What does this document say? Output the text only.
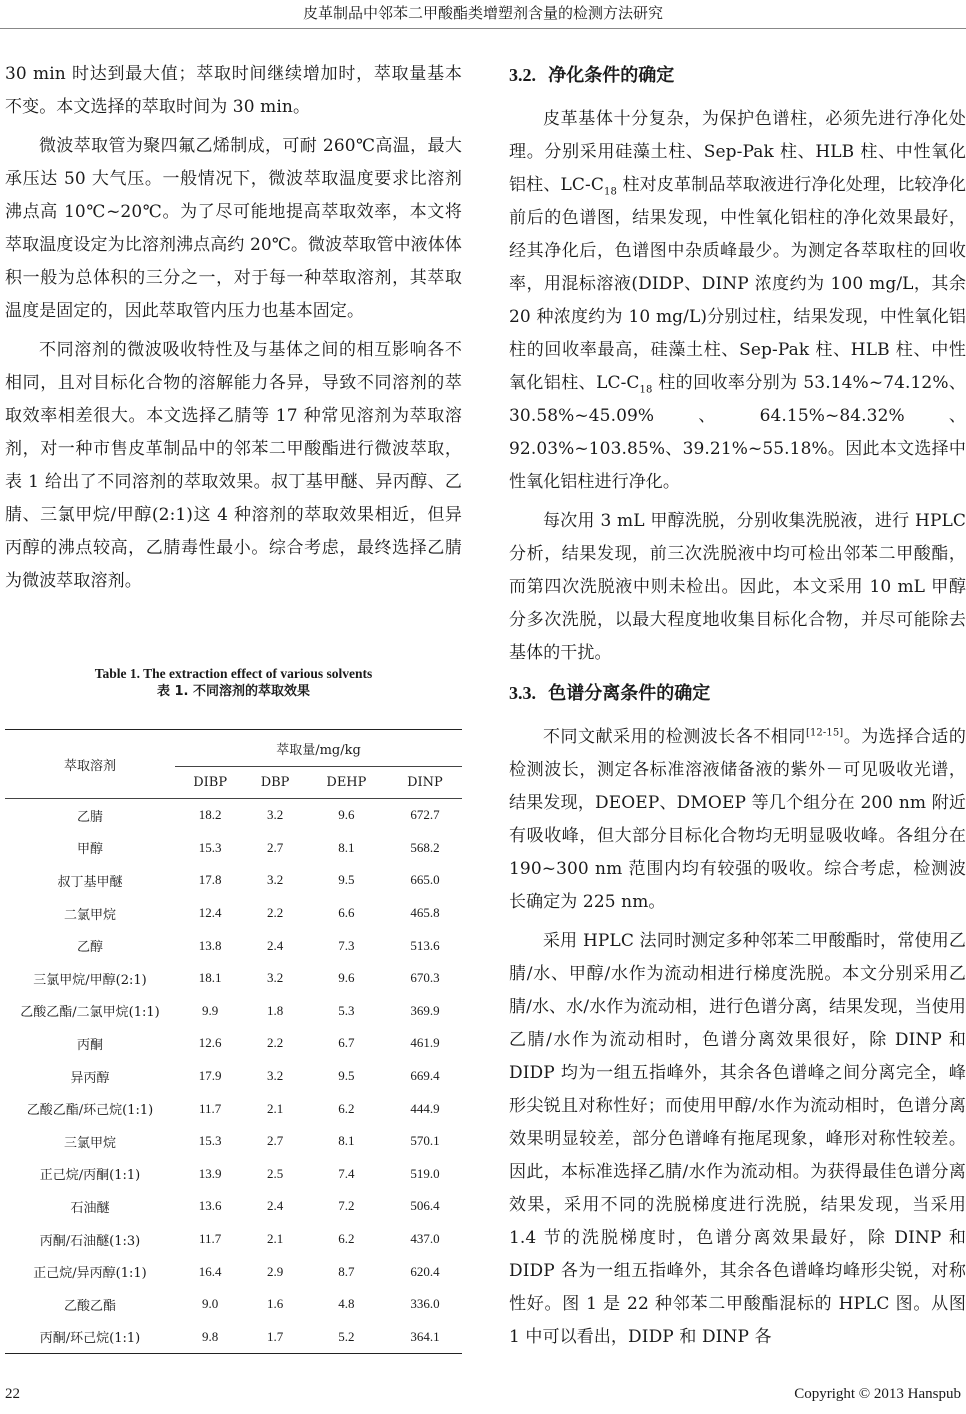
皮革制品中邻苯二甲酸酯类增塑剂含量的检测方法研究

30 min 时达到最大值；萃取时间继续增加时，萃取量基本不变。本文选择的萃取时间为 30 min。

微波萃取管为聚四氟乙烯制成，可耐 260℃高温，最大承压达 50 大气压。一般情况下，微波萃取温度要求比溶剂沸点高 10℃~20℃。为了尽可能地提高萃取效率，本文将萃取温度设定为比溶剂沸点高约 20℃。微波萃取管中液体体积一般为总体积的三分之一，对于每一种萃取溶剂，其萃取温度是固定的，因此萃取管内压力也基本固定。

不同溶剂的微波吸收特性及与基体之间的相互影响各不相同，且对目标化合物的溶解能力各异，导致不同溶剂的萃取效率相差很大。本文选择乙腈等 17 种常见溶剂为萃取溶剂，对一种市售皮革制品中的邻苯二甲酸酯进行微波萃取，表 1 给出了不同溶剂的萃取效果。叔丁基甲醚、异丙醇、乙腈、三氯甲烷/甲醇(2:1)这 4 种溶剂的萃取效果相近，但异丙醇的沸点较高，乙腈毒性最小。综合考虑，最终选择乙腈为微波萃取溶剂。

Table 1. The extraction effect of various solvents
表 1. 不同溶剂的萃取效果
萃取溶剂	萃取量/mg/kg			
	DIBP	DBP	DEHP	DINP
乙腈	18.2	3.2	9.6	672.7
甲醇	15.3	2.7	8.1	568.2
叔丁基甲醚	17.8	3.2	9.5	665.0
二氯甲烷	12.4	2.2	6.6	465.8
乙醇	13.8	2.4	7.3	513.6
三氯甲烷/甲醇(2:1)	18.1	3.2	9.6	670.3
乙酸乙酯/二氯甲烷(1:1)	9.9	1.8	5.3	369.9
丙酮	12.6	2.2	6.7	461.9
异丙醇	17.9	3.2	9.5	669.4
乙酸乙酯/环己烷(1:1)	11.7	2.1	6.2	444.9
三氯甲烷	15.3	2.7	8.1	570.1
正己烷/丙酮(1:1)	13.9	2.5	7.4	519.0
石油醚	13.6	2.4	7.2	506.4
丙酮/石油醚(1:3)	11.7	2.1	6.2	437.0
正己烷/异丙醇(1:1)	16.4	2.9	8.7	620.4
乙酸乙酯	9.0	1.6	4.8	336.0
丙酮/环己烷(1:1)	9.8	1.7	5.2	364.1
3.2. 净化条件的确定

皮革基体十分复杂，为保护色谱柱，必须先进行净化处理。分别采用硅藻土柱、Sep-Pak 柱、HLB 柱、中性氧化铝柱、$LC-C_{18}$ 柱对皮革制品萃取液进行净化处理，比较净化前后的色谱图，结果发现，中性氧化铝柱的净化效果最好，经其净化后，色谱图中杂质峰最少。为测定各萃取柱的回收率，用混标溶液(DIDP、DINP 浓度约为 100 mg/L，其余 20 种浓度约为 10 mg/L)分别过柱，结果发现，中性氧化铝柱的回收率最高，硅藻土柱、Sep-Pak 柱、HLB 柱、中性氧化铝柱、$LC-C_{18}$ 柱的回收率分别为 53.14%~74.12%、30.58%~45.09%、64.15%~84.32%、92.03%~103.85%、39.21%~55.18%。因此本文选择中性氧化铝柱进行净化。

每次用 3 mL 甲醇洗脱，分别收集洗脱液，进行 HPLC 分析，结果发现，前三次洗脱液中均可检出邻苯二甲酸酯，而第四次洗脱液中则未检出。因此，本文采用 10 mL 甲醇分多次洗脱，以最大程度地收集目标化合物，并尽可能除去基体的干扰。

3.3. 色谱分离条件的确定

不同文献采用的检测波长各不相同[12-15]。为选择合适的检测波长，测定各标准溶液储备液的紫外－可见吸收光谱，结果发现，DEOEP、DMOEP 等几个组分在 200 nm 附近有吸收峰，但大部分目标化合物均无明显吸收峰。各组分在 190~300 nm 范围内均有较强的吸收。综合考虑，检测波长确定为 225 nm。

采用 HPLC 法同时测定多种邻苯二甲酸酯时，常使用乙腈/水、甲醇/水作为流动相进行梯度洗脱。本文分别采用乙腈/水、水/水作为流动相，进行色谱分离，结果发现，当使用乙腈/水作为流动相时，色谱分离效果很好，除 DINP 和 DIDP 均为一组五指峰外，其余各色谱峰之间分离完全，峰形尖锐且对称性好；而使用甲醇/水作为流动相时，色谱分离效果明显较差，部分色谱峰有拖尾现象，峰形对称性较差。因此，本标准选择乙腈/水作为流动相。为获得最佳色谱分离效果，采用不同的洗脱梯度进行洗脱，结果发现，当采用 1.4 节的洗脱梯度时，色谱分离效果最好，除 DINP 和 DIDP 各为一组五指峰外，其余各色谱峰均峰形尖锐，对称性好。图 1 是 22 种邻苯二甲酸酯混标的 HPLC 图。从图 1 中可以看出，DIDP 和 DINP 各

22	Copyright © 2013 Hanspub
